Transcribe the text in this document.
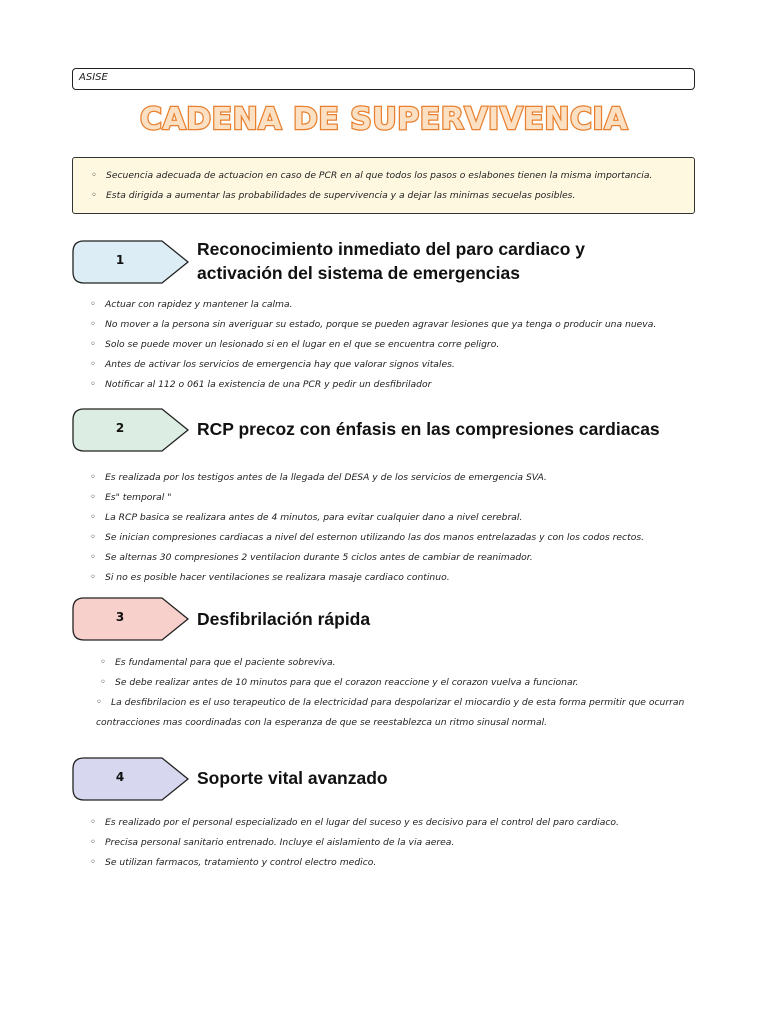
ASISE
CADENA DE SUPERVIVENCIA
◦ Secuencia adecuada de actuacion en caso de PCR en al que todos los pasos o eslabones tienen la misma importancia.
◦ Esta dirigida a aumentar las probabilidades de supervivencia y a dejar las minimas secuelas posibles.
1
Reconocimiento inmediato del paro cardiaco y
activación del sistema de emergencias
◦ Actuar con rapidez y mantener la calma.
◦ No mover a la persona sin averiguar su estado, porque se pueden agravar lesiones que ya tenga o producir una nueva.
◦ Solo se puede mover un lesionado si en el lugar en el que se encuentra corre peligro.
◦ Antes de activar los servicios de emergencia hay que valorar signos vitales.
◦ Notificar al 112 o 061 la existencia de una PCR y pedir un desfibrilador
2	RCP precoz con énfasis en las compresiones cardiacas
◦ Es realizada por los testigos antes de la llegada del DESA y de los servicios de emergencia SVA.
◦ Es" temporal "
◦ La RCP basica se realizara antes de 4 minutos, para evitar cualquier dano a nivel cerebral.
◦ Se inician compresiones cardiacas a nivel del esternon utilizando las dos manos entrelazadas y con los codos rectos.
◦ Se alternas 30 compresiones 2 ventilacion durante 5 ciclos antes de cambiar de reanimador.
◦ Si no es posible hacer ventilaciones se realizara masaje cardiaco continuo.
3	Desfibrilación rápida
◦ Es fundamental para que el paciente sobreviva.
◦ Se debe realizar antes de 10 minutos para que el corazon reaccione y el corazon vuelva a funcionar.
◦ La desfibrilacion es el uso terapeutico de la electricidad para despolarizar el miocardio y de esta forma permitir que ocurran contracciones mas coordinadas con la esperanza de que se reestablezca un ritmo sinusal normal.
4	Soporte vital avanzado
◦ Es realizado por el personal especializado en el lugar del suceso y es decisivo para el control del paro cardiaco.
◦ Precisa personal sanitario entrenado. Incluye el aislamiento de la via aerea.
◦ Se utilizan farmacos, tratamiento y control electro medico.
